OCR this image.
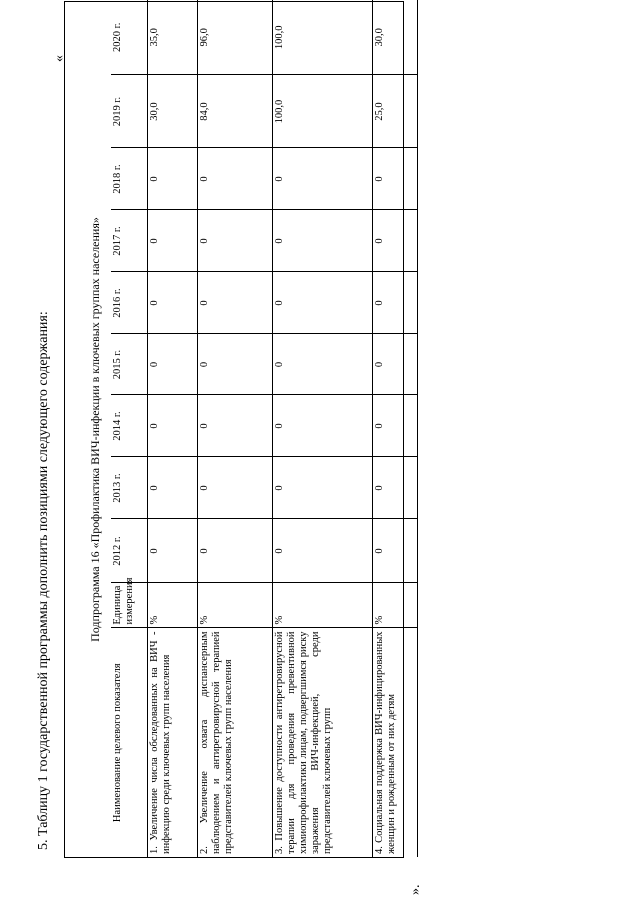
5. Таблицу 1 государственной программы дополнить позициями следующего содержания:
«
Подпрограмма 16 «Профилактика ВИЧ-инфекции в ключевых группах населения»
Наименование целевого показателя	Единица измерения	2012 г.	2013 г.	2014 г.	2015 г.	2016 г.	2017 г.	2018 г.	2019 г.	2020 г.
1. Увеличение числа обследованных на ВИЧ - инфекцию среди ключевых групп населения	%	0	0	0	0	0	0	0	30,0	35,0
2. Увеличение охвата диспансерным наблюдением и антиретровирусной терапией представителей ключевых групп населения	%	0	0	0	0	0	0	0	84,0	96,0
3. Повышение доступности антиретровирусной терапии для проведения превентивной химиопрофилактики лицам, подвергшимся риску заражения ВИЧ-инфекцией, среди представителей ключевых групп	%	0	0	0	0	0	0	0	100,0	100,0
4. Социальная поддержка ВИЧ-инфицированных женщин и рожденным от них детям	%	0	0	0	0	0	0	0	25,0	30,0
».
